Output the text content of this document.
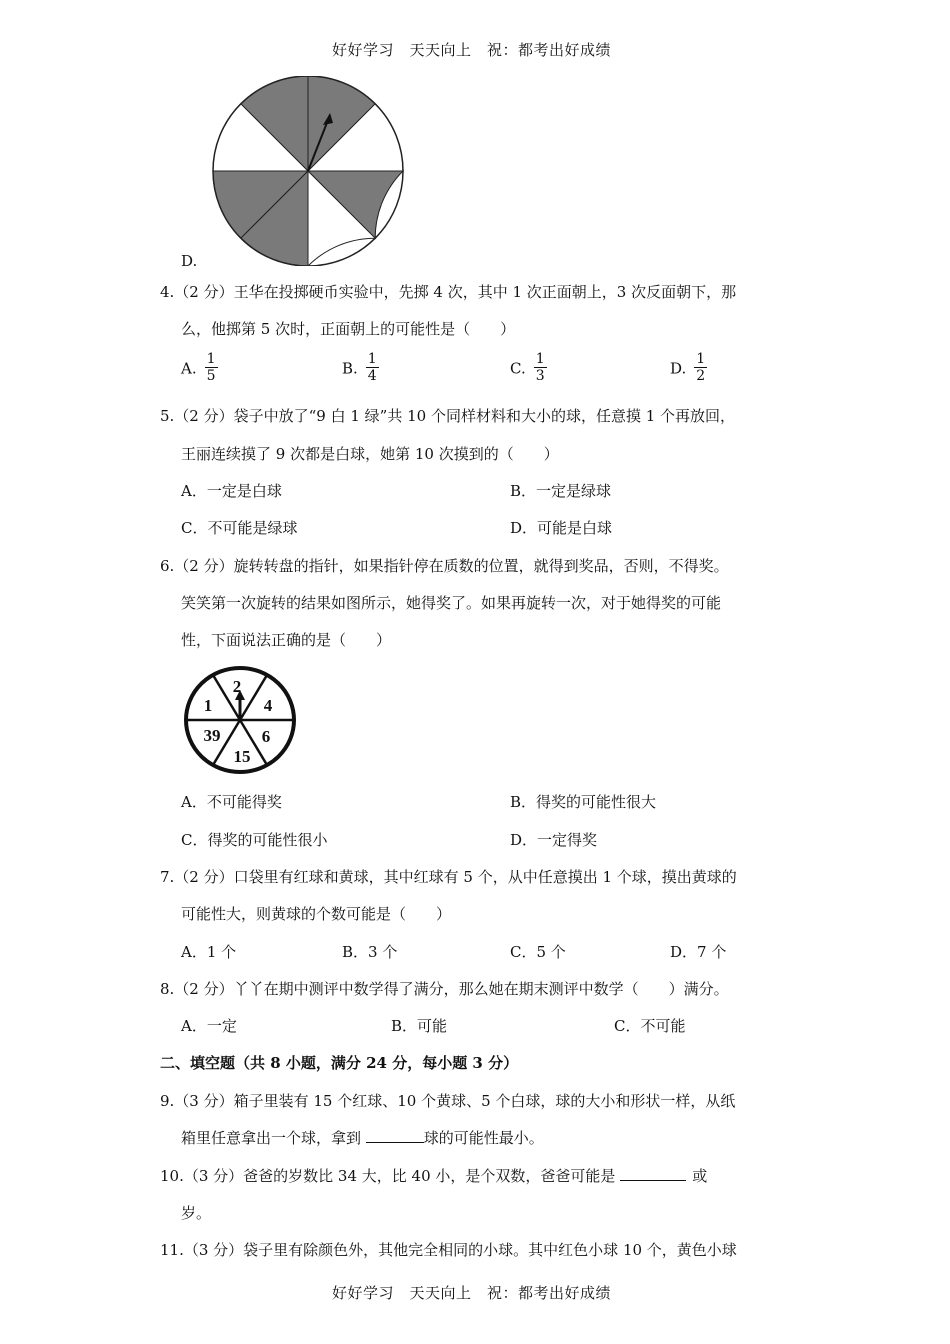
好好学习　天天向上　祝：都考出好成绩
D.
4.（2 分）王华在投掷硬币实验中，先掷 4 次，其中 1 次正面朝上，3 次反面朝下，那
么，他掷第 5 次时，正面朝上的可能性是（　　）
A. $\frac{1}{5}$	B. $\frac{1}{4}$	C. $\frac{1}{3}$	D. $\frac{1}{2}$
5.（2 分）袋子中放了“9 白 1 绿”共 10 个同样材料和大小的球，任意摸 1 个再放回，
王丽连续摸了 9 次都是白球，她第 10 次摸到的（　　）
A．一定是白球	B．一定是绿球
C．不可能是绿球	D．可能是白球
6.（2 分）旋转转盘的指针，如果指针停在质数的位置，就得到奖品，否则，不得奖。
笑笑第一次旋转的结果如图所示，她得奖了。如果再旋转一次，对于她得奖的可能
性，下面说法正确的是（　　）
2
4
6
15
39
1
A．不可能得奖	B．得奖的可能性很大
C．得奖的可能性很小	D．一定得奖
7.（2 分）口袋里有红球和黄球，其中红球有 5 个，从中任意摸出 1 个球，摸出黄球的
可能性大，则黄球的个数可能是（　　）
A．1 个	B．3 个	C．5 个	D．7 个
8.（2 分）丫丫在期中测评中数学得了满分，那么她在期末测评中数学（　　）满分。
A．一定	B．可能	C．不可能
二、填空题（共 8 小题，满分 24 分，每小题 3 分）
9.（3 分）箱子里装有 15 个红球、10 个黄球、5 个白球，球的大小和形状一样，从纸
箱里任意拿出一个球，拿到	球的可能性最小。
10.（3 分）爸爸的岁数比 34 大，比 40 小，是个双数，爸爸可能是	或
岁。
11.（3 分）袋子里有除颜色外，其他完全相同的小球。其中红色小球 10 个，黄色小球
好好学习　天天向上　祝：都考出好成绩
